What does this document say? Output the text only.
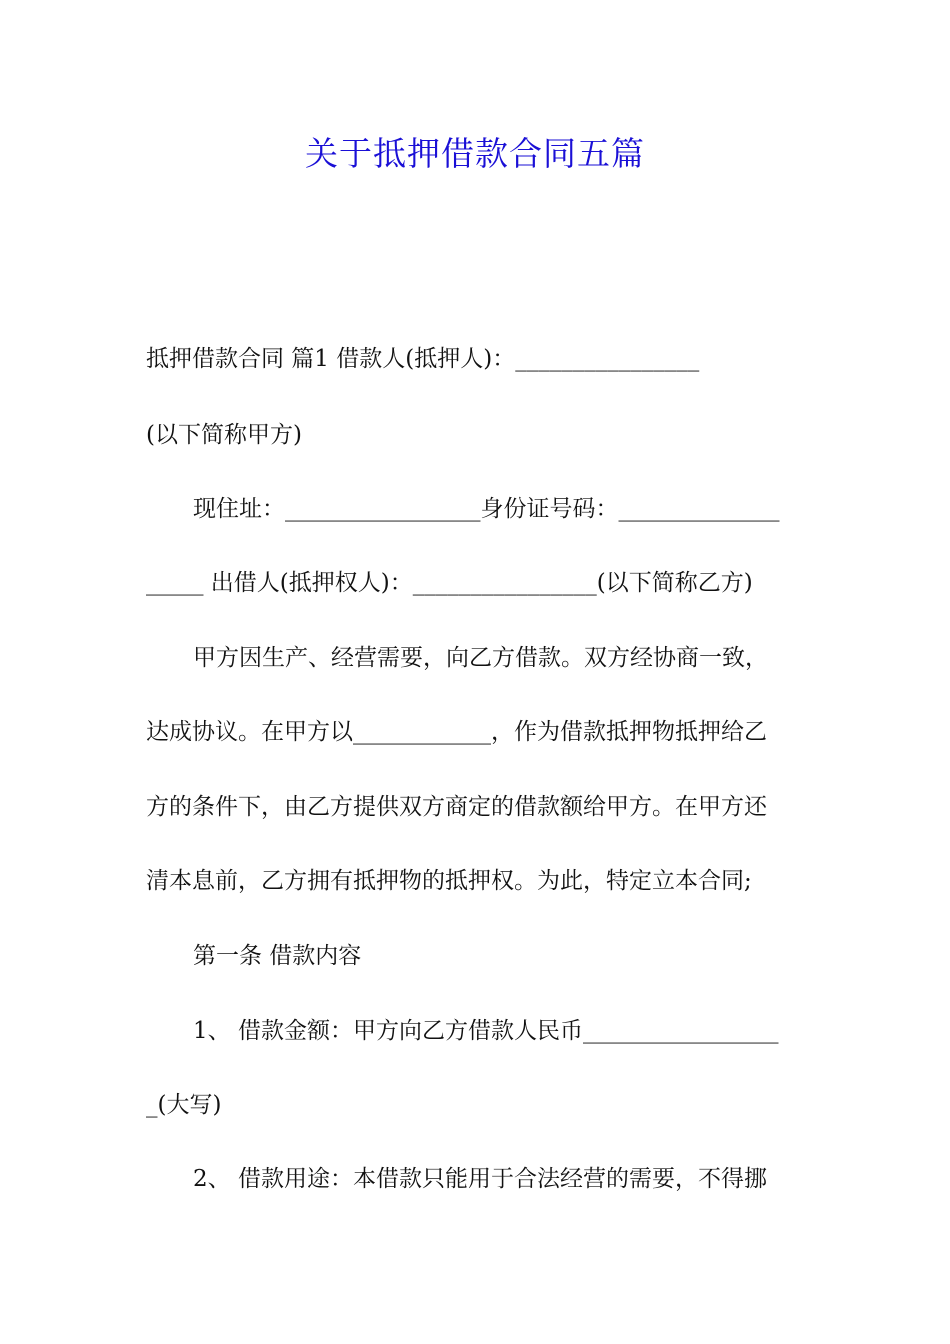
关于抵押借款合同五篇
抵押借款合同 篇1 借款人(抵押人)：________________
(以下简称甲方)
现住址：_________________身份证号码：______________
_____ 出借人(抵押权人)：________________(以下简称乙方)
甲方因生产、经营需要，向乙方借款。双方经协商一致，
达成协议。在甲方以____________，作为借款抵押物抵押给乙
方的条件下，由乙方提供双方商定的借款额给甲方。在甲方还
清本息前，乙方拥有抵押物的抵押权。为此，特定立本合同;
第一条 借款内容
1、 借款金额：甲方向乙方借款人民币_________________
_(大写)
2、 借款用途：本借款只能用于合法经营的需要，不得挪
